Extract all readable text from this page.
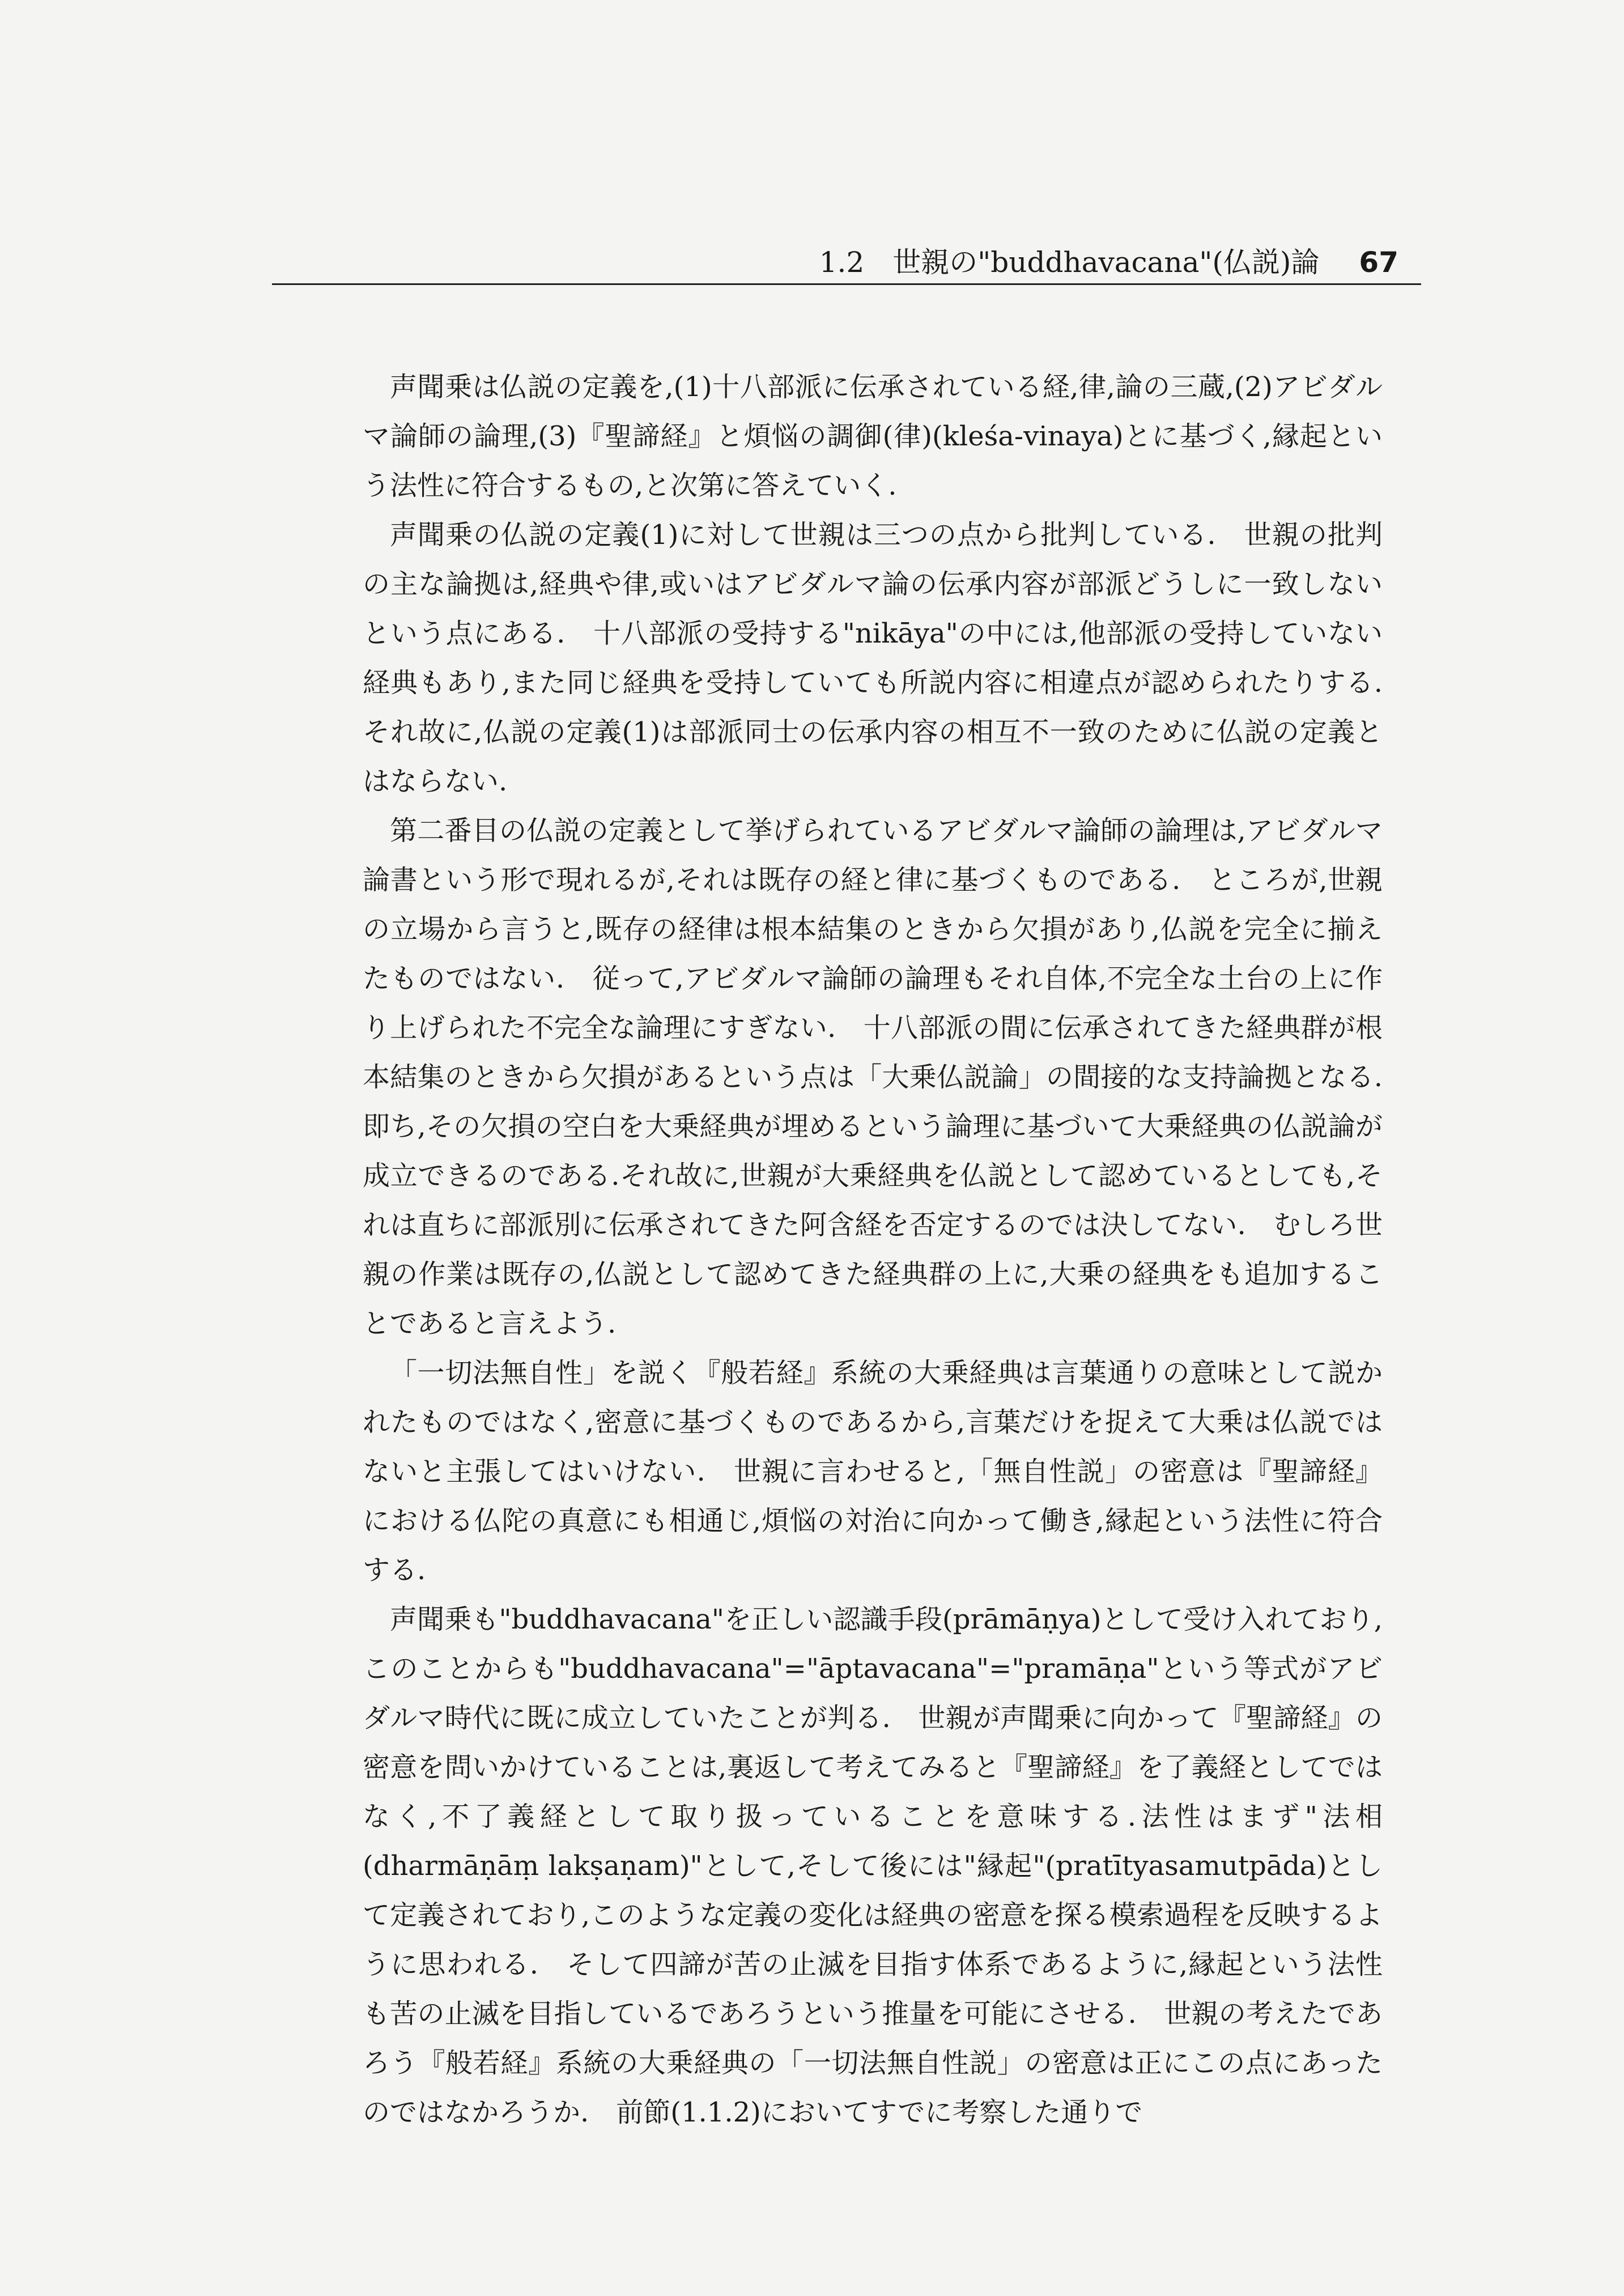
1.2　世親の"buddhavacana"(仏説)論 67

声聞乗は仏説の定義を,(1)十八部派に伝承されている経,律,論の三蔵,(2)アビダルマ論師の論理,(3)『聖諦経』と煩悩の調御(律)(kleśa-vinaya)とに基づく,縁起という法性に符合するもの,と次第に答えていく.

声聞乗の仏説の定義(1)に対して世親は三つの点から批判している.　世親の批判の主な論拠は,経典や律,或いはアビダルマ論の伝承内容が部派どうしに一致しないという点にある.　十八部派の受持する"nikāya"の中には,他部派の受持していない経典もあり,また同じ経典を受持していても所説内容に相違点が認められたりする.　それ故に,仏説の定義(1)は部派同士の伝承内容の相互不一致のために仏説の定義とはならない.

第二番目の仏説の定義として挙げられているアビダルマ論師の論理は,アビダルマ論書という形で現れるが,それは既存の経と律に基づくものである.　ところが,世親の立場から言うと,既存の経律は根本結集のときから欠損があり,仏説を完全に揃えたものではない.　従って,アビダルマ論師の論理もそれ自体,不完全な土台の上に作り上げられた不完全な論理にすぎない.　十八部派の間に伝承されてきた経典群が根本結集のときから欠損があるという点は「大乗仏説論」の間接的な支持論拠となる.　即ち,その欠損の空白を大乗経典が埋めるという論理に基づいて大乗経典の仏説論が成立できるのである.それ故に,世親が大乗経典を仏説として認めているとしても,それは直ちに部派別に伝承されてきた阿含経を否定するのでは決してない.　むしろ世親の作業は既存の,仏説として認めてきた経典群の上に,大乗の経典をも追加することであると言えよう.

「一切法無自性」を説く『般若経』系統の大乗経典は言葉通りの意味として説かれたものではなく,密意に基づくものであるから,言葉だけを捉えて大乗は仏説ではないと主張してはいけない.　世親に言わせると,「無自性説」の密意は『聖諦経』における仏陀の真意にも相通じ,煩悩の対治に向かって働き,縁起という法性に符合する.

声聞乗も"buddhavacana"を正しい認識手段(prāmāṇya)として受け入れており,このことからも"buddhavacana"="āptavacana"="pramāṇa"という等式がアビダルマ時代に既に成立していたことが判る.　世親が声聞乗に向かって『聖諦経』の密意を問いかけていることは,裏返して考えてみると『聖諦経』を了義経としてではなく,不了義経として取り扱っていることを意味する.法性はまず"法相(dharmāṇāṃ lakṣaṇam)"として,そして後には"縁起"(pratītyasamutpāda)として定義されており,このような定義の変化は経典の密意を探る模索過程を反映するように思われる.　そして四諦が苦の止滅を目指す体系であるように,縁起という法性も苦の止滅を目指しているであろうという推量を可能にさせる.　世親の考えたであろう『般若経』系統の大乗経典の「一切法無自性説」の密意は正にこの点にあったのではなかろうか.　前節(1.1.2)においてすでに考察した通りで
